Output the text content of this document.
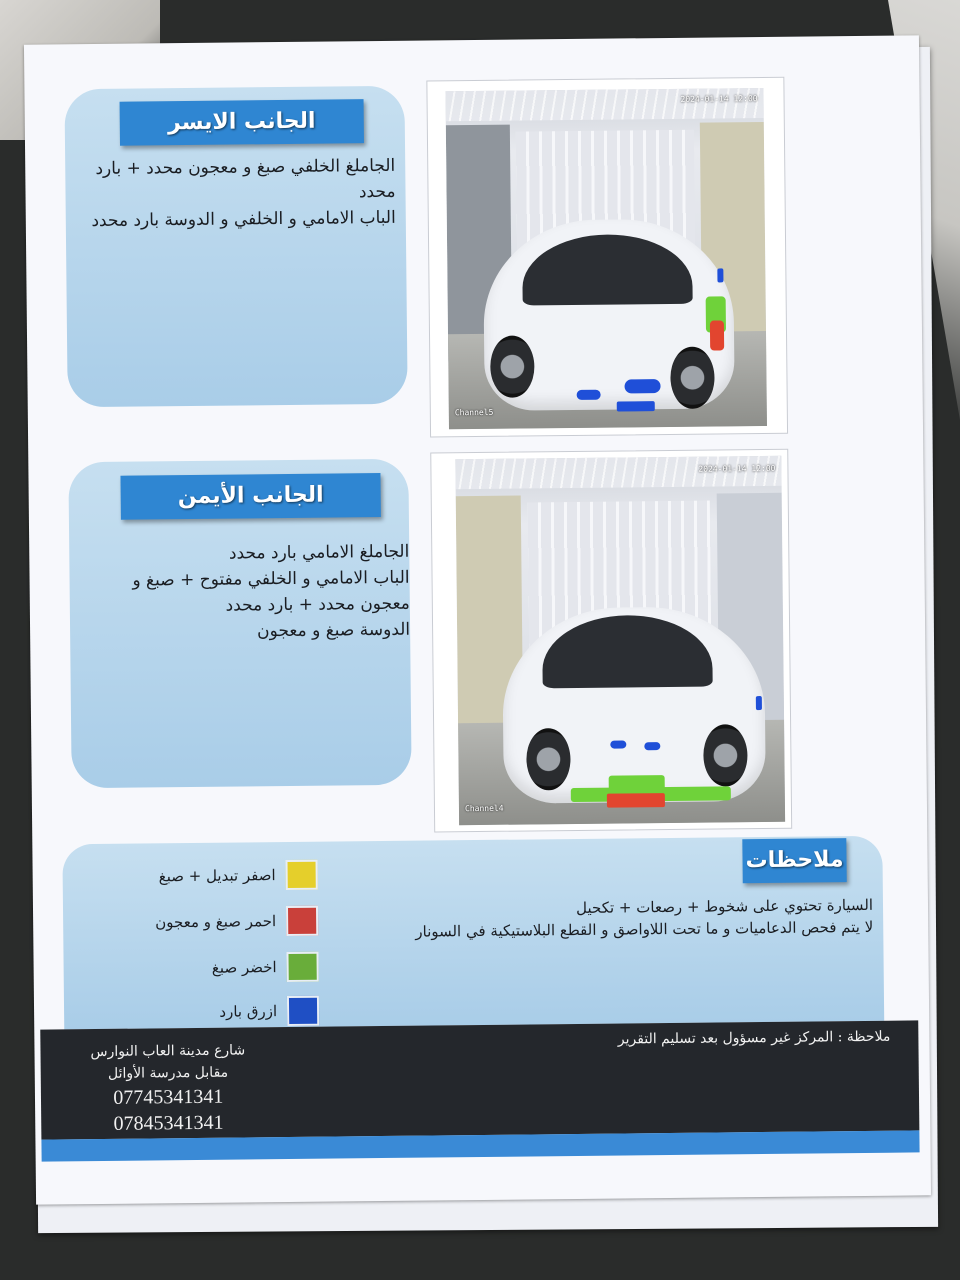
الجانب الايسر
الجاملغ الخلفي صبغ و معجون محدد + بارد
محدد
الباب الامامي و الخلفي و الدوسة بارد محدد
2024-01-14 12:00
Channel5
الجانب الأيمن
الجاملغ الامامي بارد محدد
الباب الامامي و الخلفي مفتوح + صبغ و
معجون محدد + بارد محدد
الدوسة صبغ و معجون
2024-01-14 12:00
Channel4
ملاحظات
السيارة تحتوي على شخوط + رصعات + تكحيل
لا يتم فحص الدعاميات و ما تحت اللاواصق و القطع البلاستيكية في السونار
اصفر تبديل + صبغ
احمر صبغ و معجون
اخضر صبغ
ازرق بارد
ملاحظة : المركز غير مسؤول بعد تسليم التقرير
شارع مدينة العاب النوارس
مقابل مدرسة الأوائل
07745341341
07845341341
